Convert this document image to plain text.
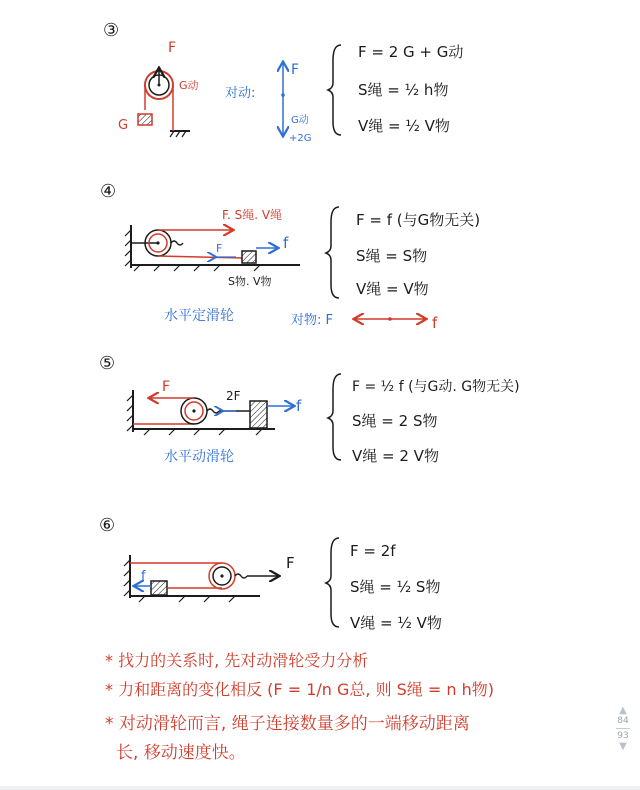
③
F
G动
G
对动:
F
G动
+2G
F = 2 G + G动
S绳 = ½ h物
V绳 = ½ V物
④
F. S绳. V绳
F	f
S物. V物
水平定滑轮	对物: F	f
F = f (与G物无关)
S绳 = S物
V绳 = V物
⑤
F
2F
f
水平动滑轮
F = ½ f (与G动. G物无关)
S绳 = 2 S物
V绳 = 2 V物
⑥
F
f
F = 2f
S绳 = ½ S物
V绳 = ½ V物
* 找力的关系时, 先对动滑轮受力分析
* 力和距离的变化相反 (F = 1/n G总, 则 S绳 = n h物)
* 对动滑轮而言, 绳子连接数量多的一端移动距离
长, 移动速度快。
▲
84
93
▼
